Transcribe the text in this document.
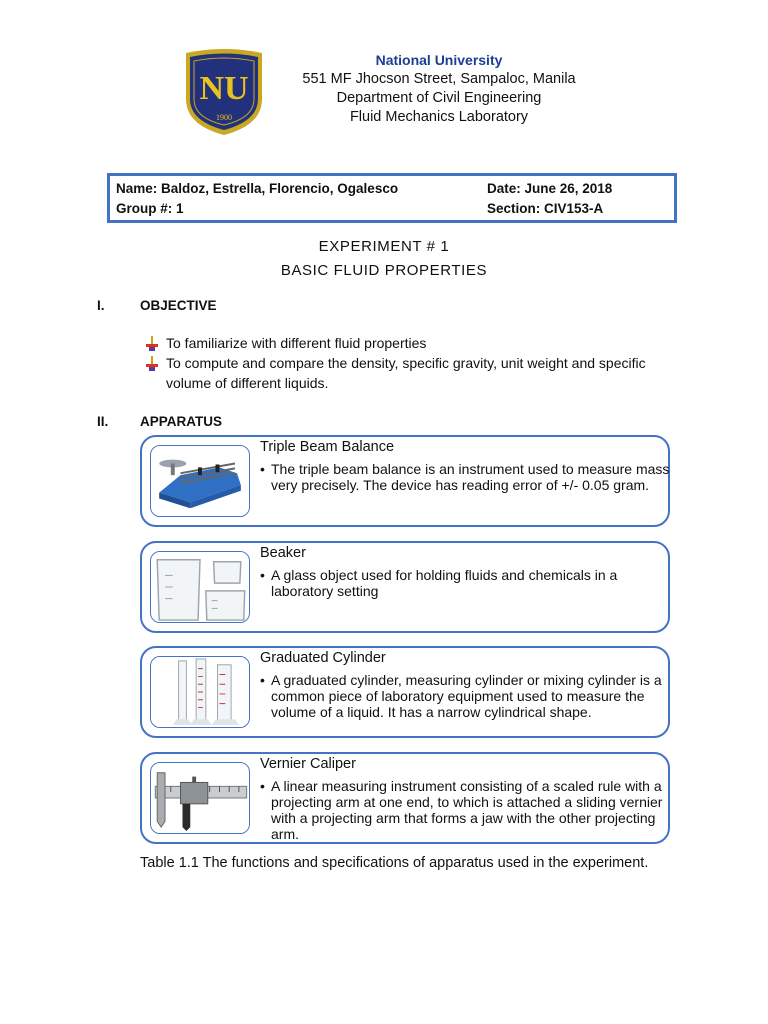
NU
1900
National University
551 MF Jhocson Street, Sampaloc, Manila
Department of Civil Engineering
Fluid Mechanics Laboratory
Name: Baldoz, Estrella, Florencio, Ogalesco
Group #: 1
Date: June 26, 2018
Section: CIV153-A
EXPERIMENT # 1
BASIC FLUID PROPERTIES
I.	OBJECTIVE
To familiarize with different fluid properties
To compute and compare the density, specific gravity, unit weight and specific volume of different liquids.
II. APPARATUS
Triple Beam Balance
• The triple beam balance is an instrument used to measure mass very precisely. The device has reading error of +/- 0.05 gram.
Beaker
• A glass object used for holding fluids and chemicals in a laboratory setting
Graduated Cylinder
• A graduated cylinder, measuring cylinder or mixing cylinder is a common piece of laboratory equipment used to measure the volume of a liquid. It has a narrow cylindrical shape.
Vernier Caliper
• A linear measuring instrument consisting of a scaled rule with a projecting arm at one end, to which is attached a sliding vernier with a projecting arm that forms a jaw with the other projecting arm.
Table 1.1 The functions and specifications of apparatus used in the experiment.
